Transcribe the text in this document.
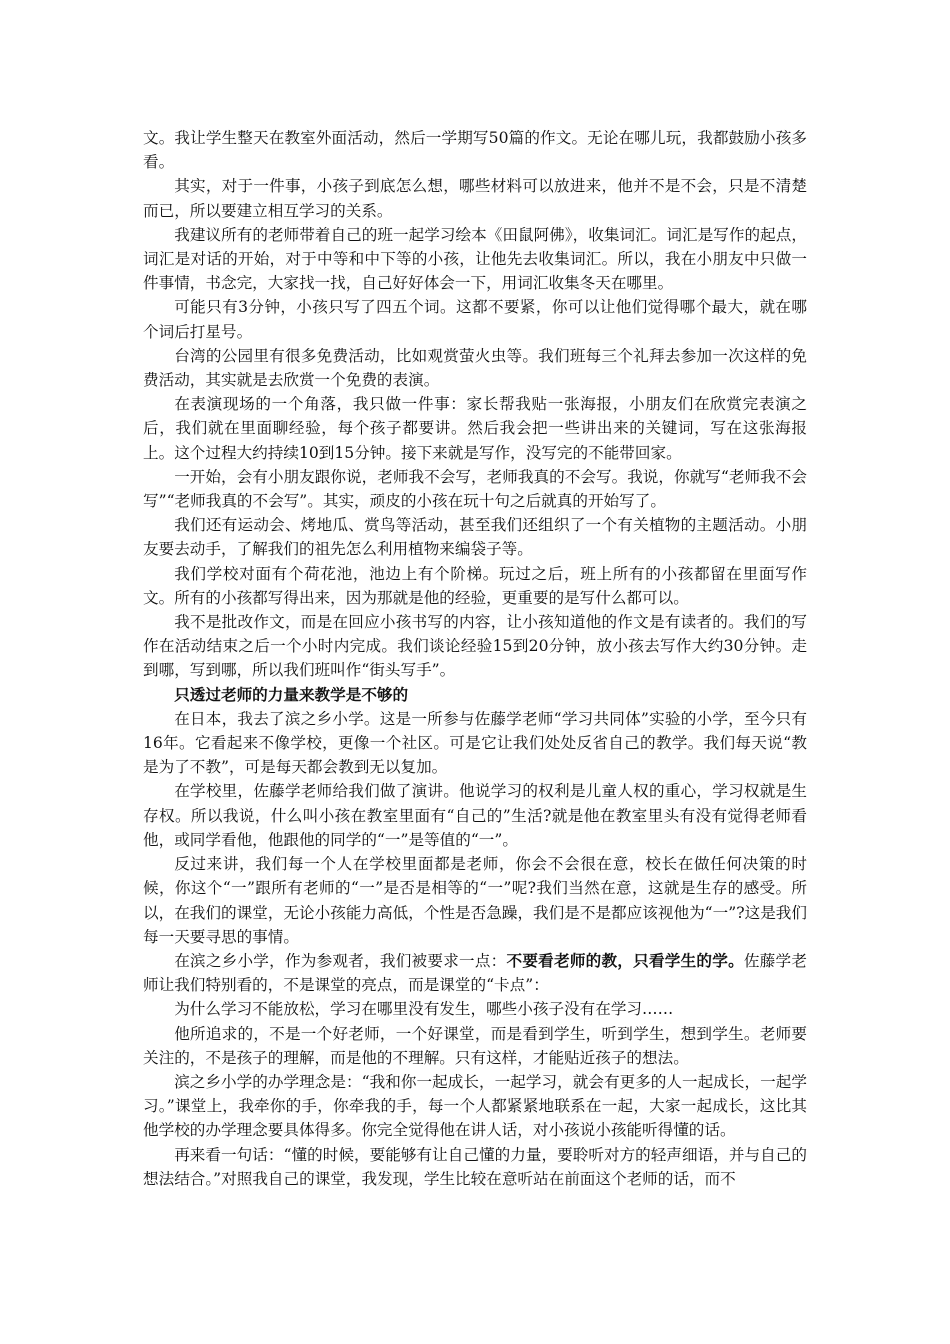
文。我让学生整天在教室外面活动，然后一学期写50篇的作文。无论在哪儿玩，我都鼓励小孩多看。

其实，对于一件事，小孩子到底怎么想，哪些材料可以放进来，他并不是不会，只是不清楚而已，所以要建立相互学习的关系。

我建议所有的老师带着自己的班一起学习绘本《田鼠阿佛》，收集词汇。词汇是写作的起点，词汇是对话的开始，对于中等和中下等的小孩，让他先去收集词汇。所以，我在小朋友中只做一件事情，书念完，大家找一找，自己好好体会一下，用词汇收集冬天在哪里。

可能只有3分钟，小孩只写了四五个词。这都不要紧，你可以让他们觉得哪个最大，就在哪个词后打星号。

台湾的公园里有很多免费活动，比如观赏萤火虫等。我们班每三个礼拜去参加一次这样的免费活动，其实就是去欣赏一个免费的表演。

在表演现场的一个角落，我只做一件事：家长帮我贴一张海报，小朋友们在欣赏完表演之后，我们就在里面聊经验，每个孩子都要讲。然后我会把一些讲出来的关键词，写在这张海报上。这个过程大约持续10到15分钟。接下来就是写作，没写完的不能带回家。

一开始，会有小朋友跟你说，老师我不会写，老师我真的不会写。我说，你就写“老师我不会写”“老师我真的不会写”。其实，顽皮的小孩在玩十句之后就真的开始写了。

我们还有运动会、烤地瓜、赏鸟等活动，甚至我们还组织了一个有关植物的主题活动。小朋友要去动手，了解我们的祖先怎么利用植物来编袋子等。

我们学校对面有个荷花池，池边上有个阶梯。玩过之后，班上所有的小孩都留在里面写作文。所有的小孩都写得出来，因为那就是他的经验，更重要的是写什么都可以。

我不是批改作文，而是在回应小孩书写的内容，让小孩知道他的作文是有读者的。我们的写作在活动结束之后一个小时内完成。我们谈论经验15到20分钟，放小孩去写作大约30分钟。走到哪，写到哪，所以我们班叫作“街头写手”。

只透过老师的力量来教学是不够的

在日本，我去了滨之乡小学。这是一所参与佐藤学老师“学习共同体”实验的小学，至今只有16年。它看起来不像学校，更像一个社区。可是它让我们处处反省自己的教学。我们每天说“教是为了不教”，可是每天都会教到无以复加。

在学校里，佐藤学老师给我们做了演讲。他说学习的权利是儿童人权的重心，学习权就是生存权。所以我说，什么叫小孩在教室里面有“自己的”生活?就是他在教室里头有没有觉得老师看他，或同学看他，他跟他的同学的“一”是等值的“一”。

反过来讲，我们每一个人在学校里面都是老师，你会不会很在意，校长在做任何决策的时候，你这个“一”跟所有老师的“一”是否是相等的“一”呢?我们当然在意，这就是生存的感受。所以，在我们的课堂，无论小孩能力高低，个性是否急躁，我们是不是都应该视他为“一”?这是我们每一天要寻思的事情。

在滨之乡小学，作为参观者，我们被要求一点：不要看老师的教，只看学生的学。佐藤学老师让我们特别看的，不是课堂的亮点，而是课堂的“卡点”：

为什么学习不能放松，学习在哪里没有发生，哪些小孩子没有在学习……

他所追求的，不是一个好老师，一个好课堂，而是看到学生，听到学生，想到学生。老师要关注的，不是孩子的理解，而是他的不理解。只有这样，才能贴近孩子的想法。

滨之乡小学的办学理念是：“我和你一起成长，一起学习，就会有更多的人一起成长，一起学习。”课堂上，我牵你的手，你牵我的手，每一个人都紧紧地联系在一起，大家一起成长，这比其他学校的办学理念要具体得多。你完全觉得他在讲人话，对小孩说小孩能听得懂的话。

再来看一句话：“懂的时候，要能够有让自己懂的力量，要聆听对方的轻声细语，并与自己的想法结合。”对照我自己的课堂，我发现，学生比较在意听站在前面这个老师的话，而不
